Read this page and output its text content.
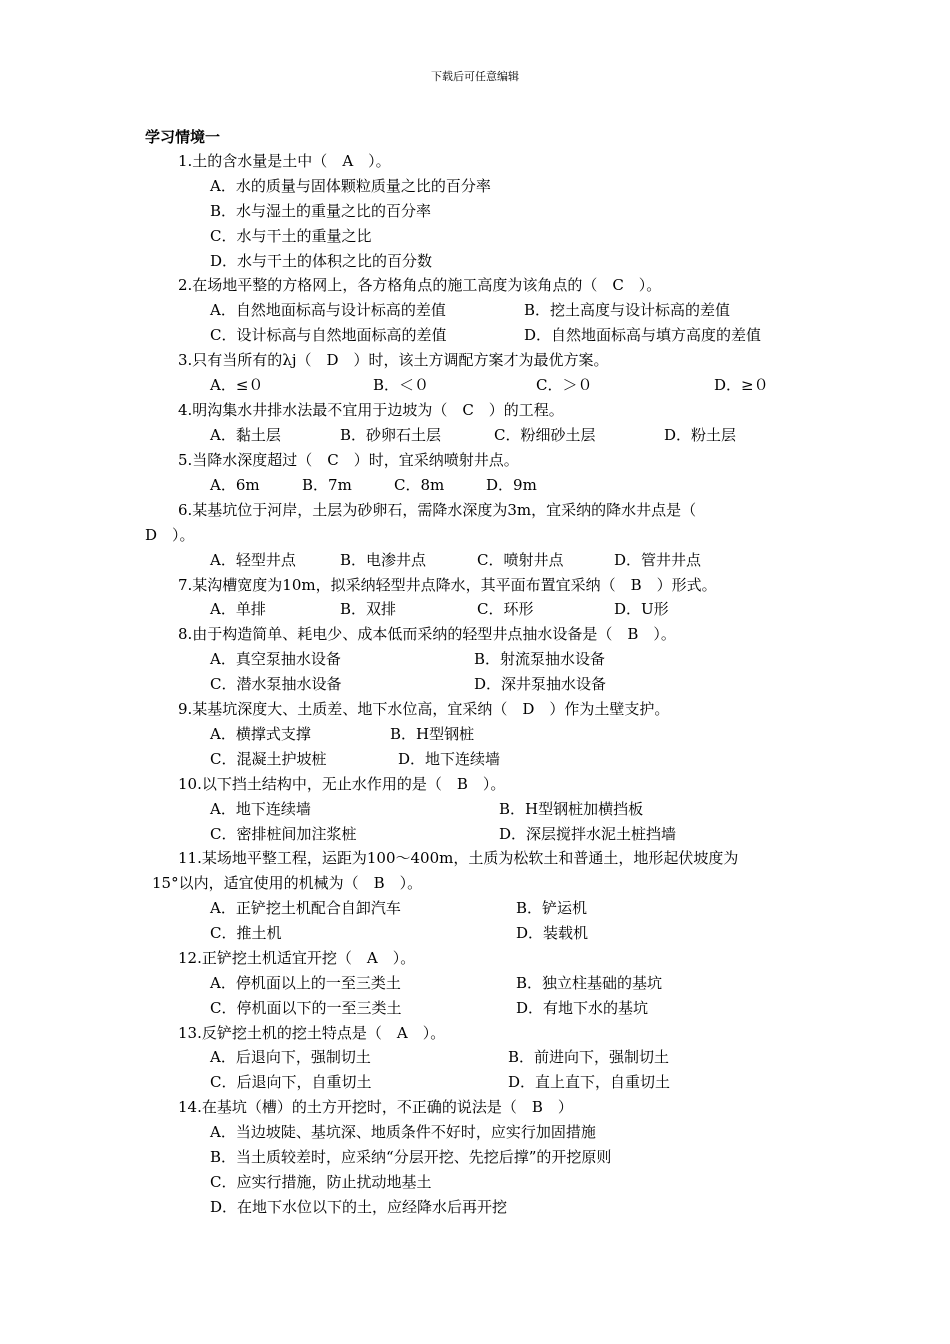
下载后可任意编辑
学习情境一
1.土的含水量是土中（　A　）。
A．水的质量与固体颗粒质量之比的百分率
B．水与湿土的重量之比的百分率
C．水与干土的重量之比
D．水与干土的体积之比的百分数
2.在场地平整的方格网上，各方格角点的施工高度为该角点的（　C　）。
A．自然地面标高与设计标高的差值	B．挖土高度与设计标高的差值
C．设计标高与自然地面标高的差值	D．自然地面标高与填方高度的差值
3.只有当所有的λj（　D　）时，该土方调配方案才为最优方案。
A．≤０	B．＜０	C．＞０	D．≥０
4.明沟集水井排水法最不宜用于边坡为（　C　）的工程。
A．黏土层	B．砂卵石土层	C．粉细砂土层	D．粉土层
5.当降水深度超过（　C　）时，宜采纳喷射井点。
A．6m	B．7m	C．8m	D．9m
6.某基坑位于河岸，土层为砂卵石，需降水深度为3m，宜采纳的降水井点是（
D　）。
A．轻型井点	B．电渗井点	C．喷射井点	D．管井井点
7.某沟槽宽度为10m，拟采纳轻型井点降水，其平面布置宜采纳（　B　）形式。
A．单排	B．双排	C．环形	D．U形
8.由于构造简单、耗电少、成本低而采纳的轻型井点抽水设备是（　B　）。
A．真空泵抽水设备	B．射流泵抽水设备
C．潜水泵抽水设备	D．深井泵抽水设备
9.某基坑深度大、土质差、地下水位高，宜采纳（　D　）作为土壁支护。
A．横撑式支撑	B．H型钢桩
C．混凝土护坡桩	D．地下连续墙
10.以下挡土结构中，无止水作用的是（　B　）。
A．地下连续墙	B．H型钢桩加横挡板
C．密排桩间加注浆桩	D．深层搅拌水泥土桩挡墙
11.某场地平整工程，运距为100～400m，土质为松软土和普通土，地形起伏坡度为
15°以内，适宜使用的机械为（　B　）。
A．正铲挖土机配合自卸汽车	B．铲运机
C．推土机	D．装载机
12.正铲挖土机适宜开挖（　A　）。
A．停机面以上的一至三类土	B．独立柱基础的基坑
C．停机面以下的一至三类土	D．有地下水的基坑
13.反铲挖土机的挖土特点是（　A　）。
A．后退向下，强制切土	B．前进向下，强制切土
C．后退向下，自重切土	D．直上直下，自重切土
14.在基坑（槽）的土方开挖时，不正确的说法是（　B　）
A．当边坡陡、基坑深、地质条件不好时，应实行加固措施
B．当土质较差时，应采纳“分层开挖、先挖后撑”的开挖原则
C．应实行措施，防止扰动地基土
D．在地下水位以下的土，应经降水后再开挖
